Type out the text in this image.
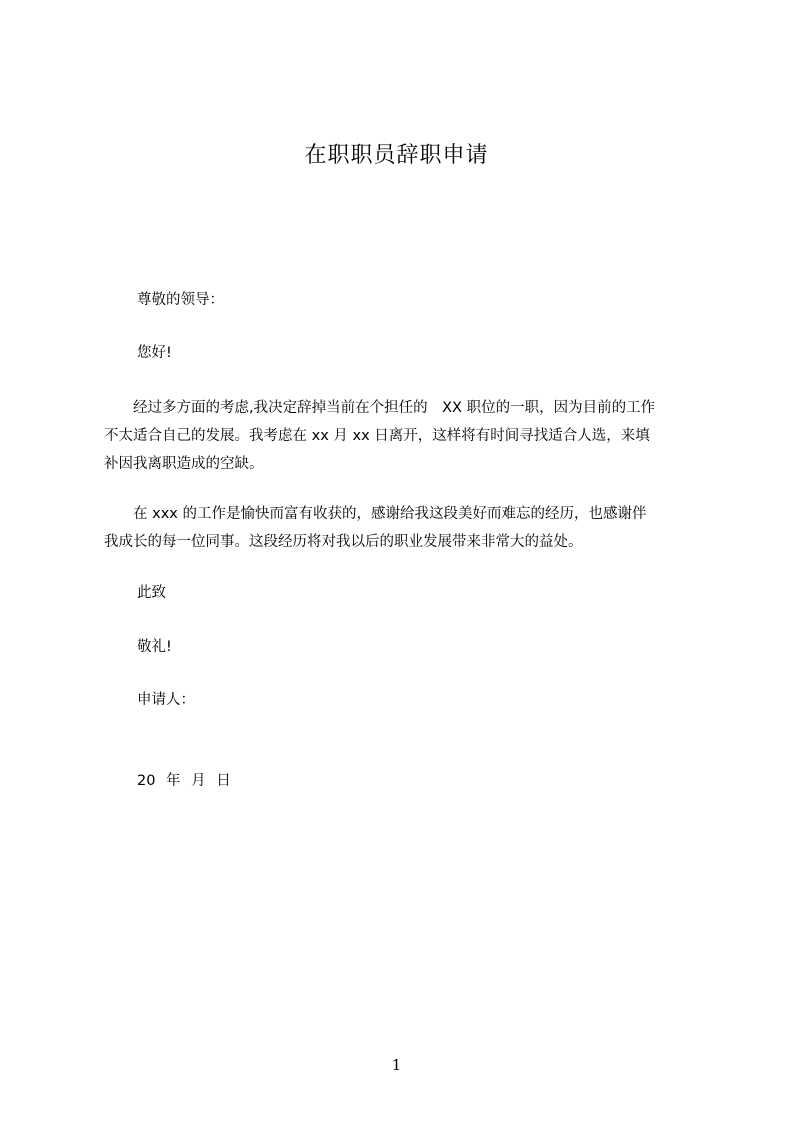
在职职员辞职申请
尊敬的领导：
您好!
　　经过多方面的考虑,我决定辞掉当前在个担任的　XX 职位的一职，因为目前的工作
不太适合自己的发展。我考虑在 xx 月 xx 日离开，这样将有时间寻找适合人选，来填
补因我离职造成的空缺。
　　在 xxx 的工作是愉快而富有收获的，感谢给我这段美好而难忘的经历，也感谢伴
我成长的每一位同事。这段经历将对我以后的职业发展带来非常大的益处。
此致
敬礼!
申请人：
20 年 月 日
1
